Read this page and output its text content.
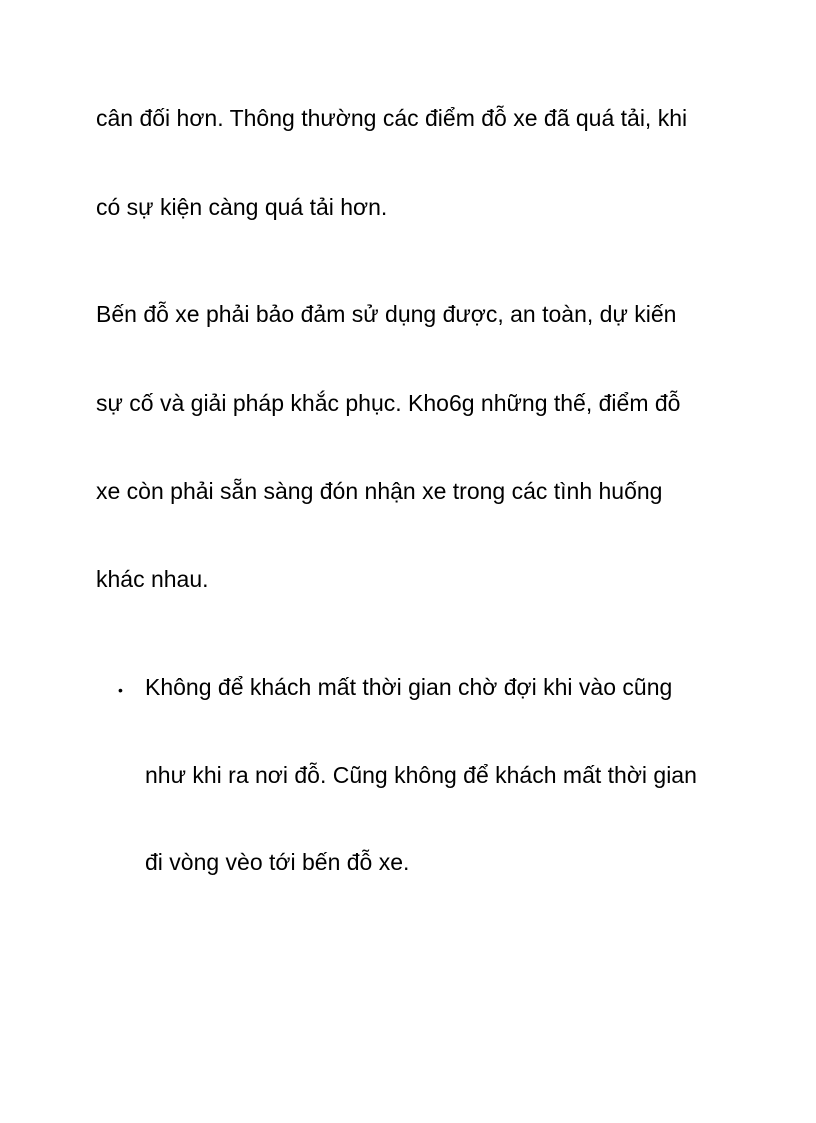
cân đối hơn. Thông thường các điểm đỗ xe đã quá tải, khi
có sự kiện càng quá tải hơn.
Bến đỗ xe phải bảo đảm sử dụng được, an toàn, dự kiến
sự cố và giải pháp khắc phục. Kho6g những thế, điểm đỗ
xe còn phải sẵn sàng đón nhận xe trong các tình huống
khác nhau.
• Không để khách mất thời gian chờ đợi khi vào cũng
như khi ra nơi đỗ. Cũng không để khách mất thời gian
đi vòng vèo tới bến đỗ xe.
